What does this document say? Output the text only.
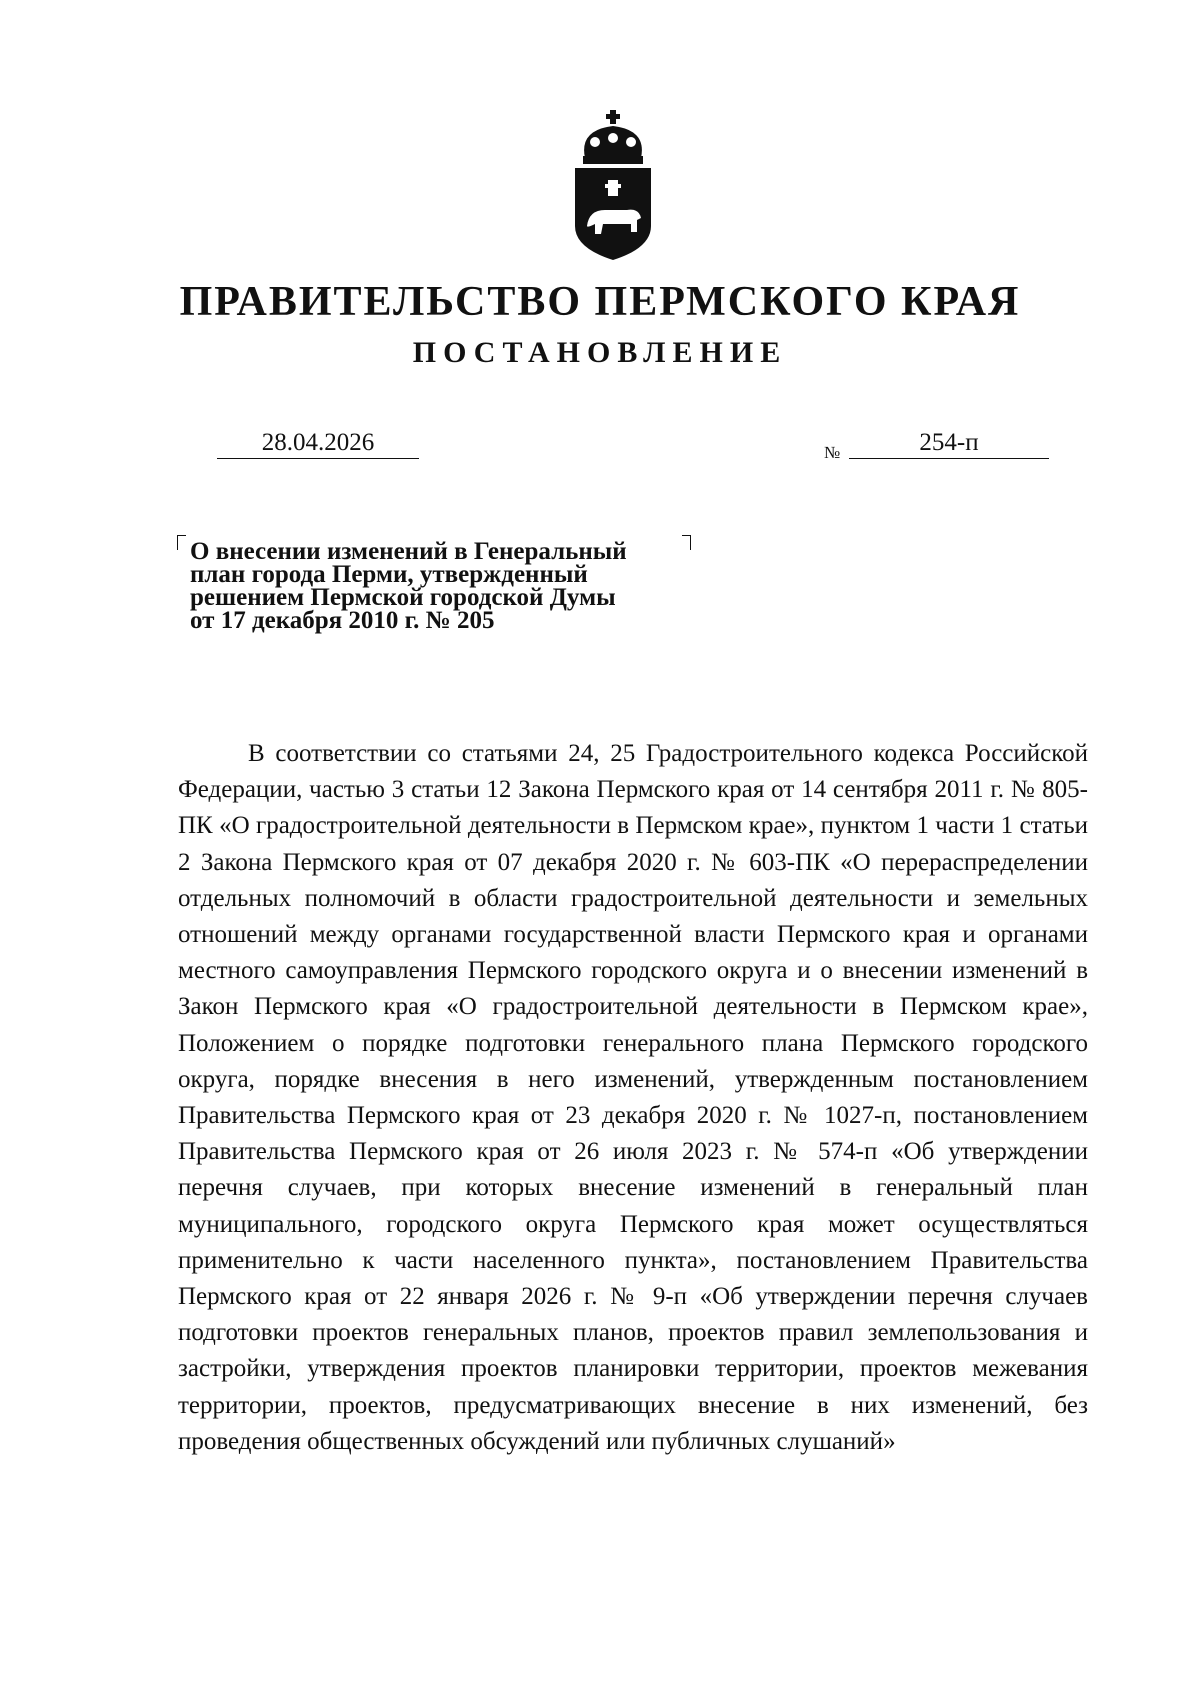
ПРАВИТЕЛЬСТВО ПЕРМСКОГО КРАЯ
ПОСТАНОВЛЕНИЕ
28.04.2026	№	254-п
О внесении изменений в Генеральный
план города Перми, утвержденный
решением Пермской городской Думы
от 17 декабря 2010 г. № 205

В соответствии со статьями 24, 25 Градостроительного кодекса Российской Федерации, частью 3 статьи 12 Закона Пермского края от 14 сентября 2011 г. № 805-ПК «О градостроительной деятельности в Пермском крае», пунктом 1 части 1 статьи 2 Закона Пермского края от 07 декабря 2020 г. № 603-ПК «О перераспределении отдельных полномочий в области градостроительной деятельности и земельных отношений между органами государственной власти Пермского края и органами местного самоуправления Пермского городского округа и о внесении изменений в Закон Пермского края «О градостроительной деятельности в Пермском крае», Положением о порядке подготовки генерального плана Пермского городского округа, порядке внесения в него изменений, утвержденным постановлением Правительства Пермского края от 23 декабря 2020 г. № 1027-п, постановлением Правительства Пермского края от 26 июля 2023 г. № 574-п «Об утверждении перечня случаев, при которых внесение изменений в генеральный план муниципального, городского округа Пермского края может осуществляться применительно к части населенного пункта», постановлением Правительства Пермского края от 22 января 2026 г. № 9-п «Об утверждении перечня случаев подготовки проектов генеральных планов, проектов правил землепользования и застройки, утверждения проектов планировки территории, проектов межевания территории, проектов, предусматривающих внесение в них изменений, без проведения общественных обсуждений или публичных слушаний»
